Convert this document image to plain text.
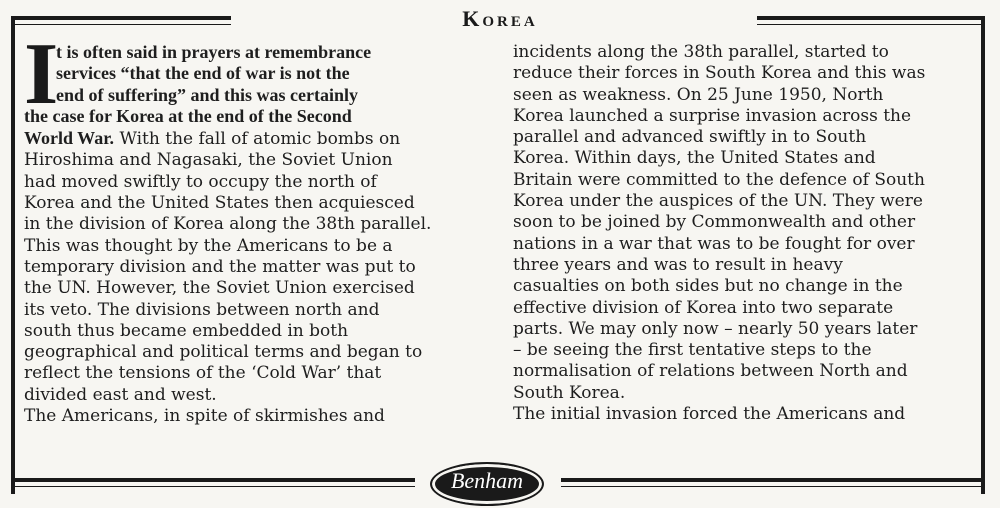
Korea
I
t is often said in prayers at remembrance
services “that the end of war is not the
end of suffering” and this was certainly
the case for Korea at the end of the Second
World War. With the fall of atomic bombs on
Hiroshima and Nagasaki, the Soviet Union
had moved swiftly to occupy the north of
Korea and the United States then acquiesced
in the division of Korea along the 38th parallel.
This was thought by the Americans to be a
temporary division and the matter was put to
the UN. However, the Soviet Union exercised
its veto. The divisions between north and
south thus became embedded in both
geographical and political terms and began to
reflect the tensions of the ‘Cold War’ that
divided east and west.
The Americans, in spite of skirmishes and
incidents along the 38th parallel, started to
reduce their forces in South Korea and this was
seen as weakness. On 25 June 1950, North
Korea launched a surprise invasion across the
parallel and advanced swiftly in to South
Korea. Within days, the United States and
Britain were committed to the defence of South
Korea under the auspices of the UN. They were
soon to be joined by Commonwealth and other
nations in a war that was to be fought for over
three years and was to result in heavy
casualties on both sides but no change in the
effective division of Korea into two separate
parts. We may only now – nearly 50 years later
– be seeing the first tentative steps to the
normalisation of relations between North and
South Korea.
The initial invasion forced the Americans and
Benham
